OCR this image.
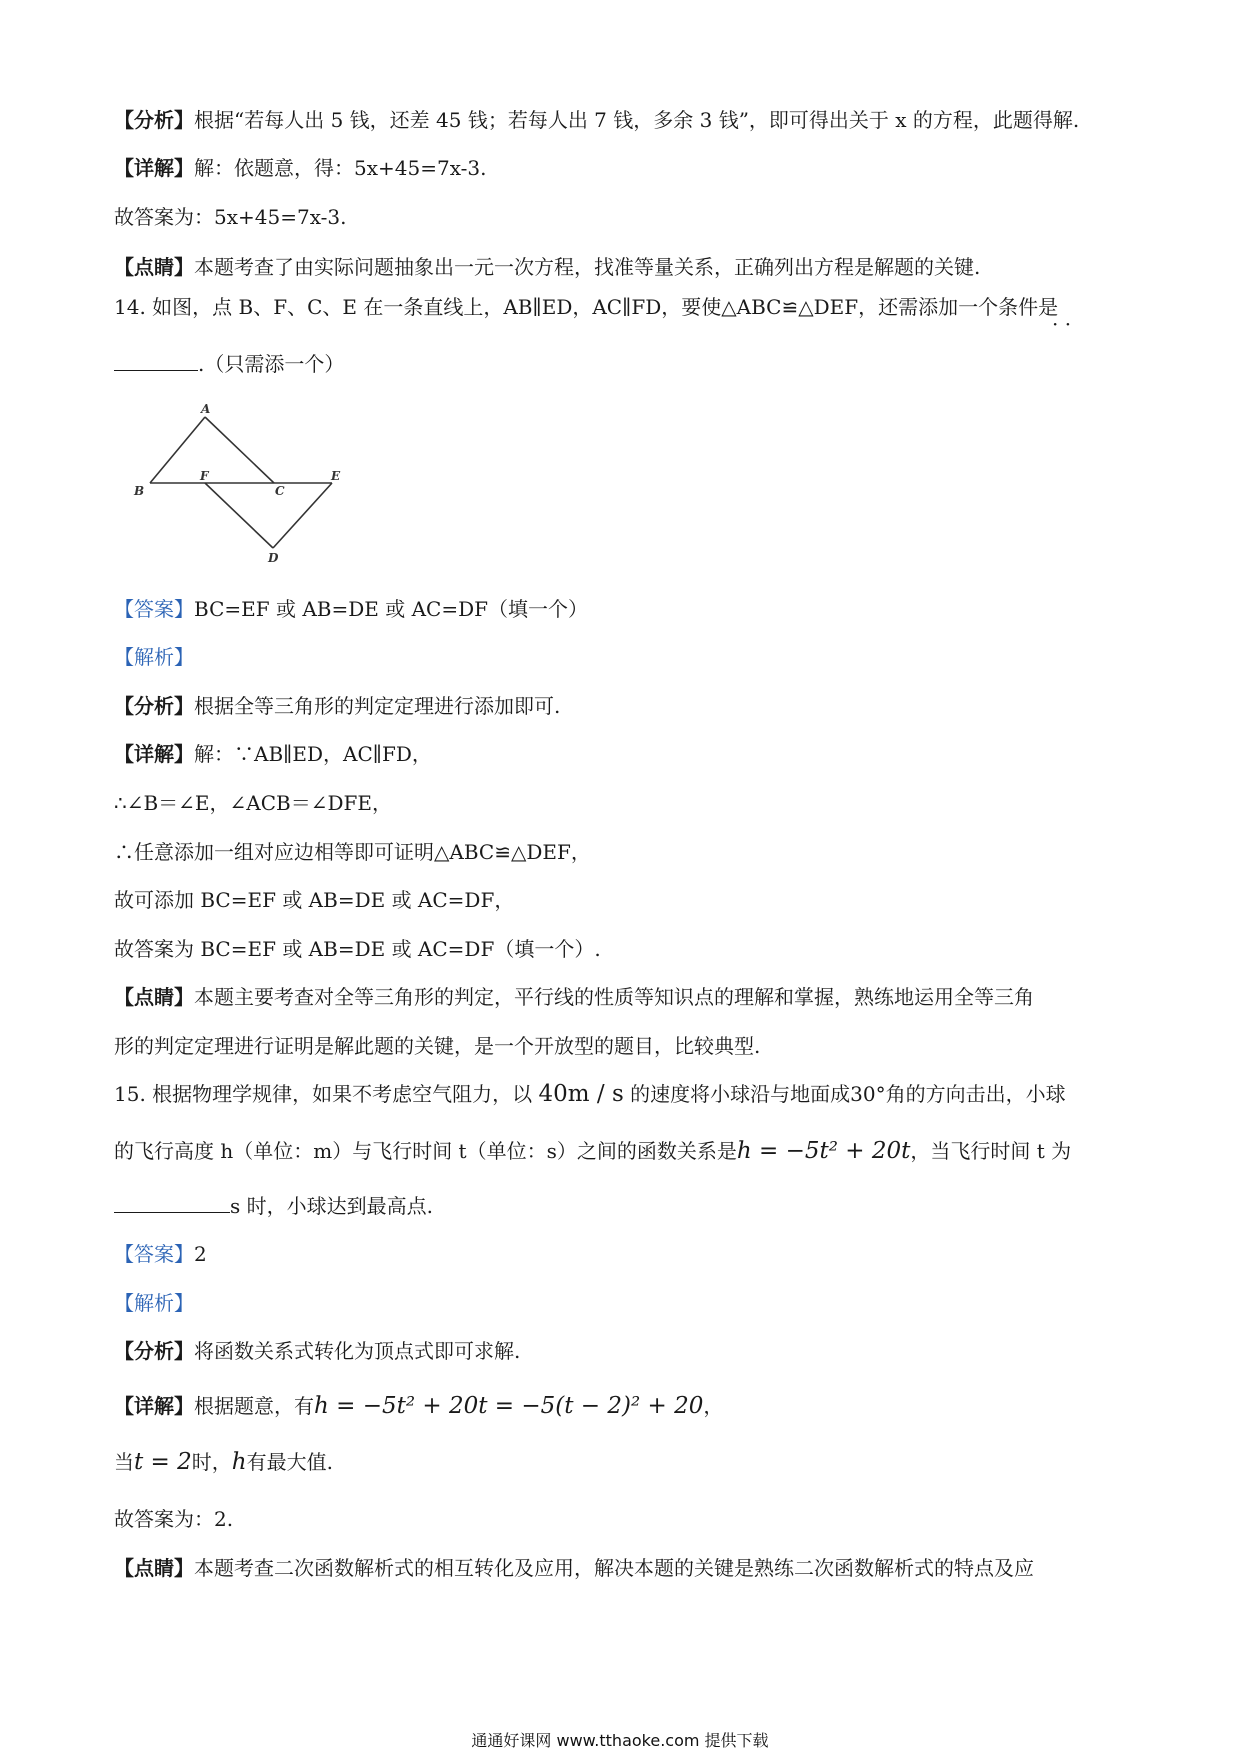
【分析】根据“若每人出 5 钱，还差 45 钱；若每人出 7 钱，多余 3 钱”，即可得出关于 x 的方程，此题得解.
【详解】解：依题意，得：5x+45=7x-3.
故答案为：5x+45=7x-3.
【点睛】本题考查了由实际问题抽象出一元一次方程，找准等量关系，正确列出方程是解题的关键.
14. 如图，点 B、F、C、E 在一条直线上，AB∥ED，AC∥FD，要使△ABC≌△DEF，还需添加一个条件是
· ·
.（只需添一个）
A
B
F
C
E
D
【答案】BC=EF 或 AB=DE 或 AC=DF（填一个）
【解析】
【分析】根据全等三角形的判定定理进行添加即可.
【详解】解：∵AB∥ED，AC∥FD，
∴∠B＝∠E，∠ACB＝∠DFE，
∴任意添加一组对应边相等即可证明△ABC≌△DEF，
故可添加 BC=EF 或 AB=DE 或 AC=DF，
故答案为 BC=EF 或 AB=DE 或 AC=DF（填一个）.
【点睛】本题主要考查对全等三角形的判定，平行线的性质等知识点的理解和掌握，熟练地运用全等三角
形的判定定理进行证明是解此题的关键，是一个开放型的题目，比较典型.
15. 根据物理学规律，如果不考虑空气阻力，以 40m / s 的速度将小球沿与地面成30°角的方向击出，小球
的飞行高度 h（单位：m）与飞行时间 t（单位：s）之间的函数关系是h = −5t² + 20t，当飞行时间 t 为
s 时，小球达到最高点.
【答案】2
【解析】
【分析】将函数关系式转化为顶点式即可求解.
【详解】根据题意，有h = −5t² + 20t = −5(t − 2)² + 20，
当t = 2时，h有最大值.
故答案为：2.
【点睛】本题考查二次函数解析式的相互转化及应用，解决本题的关键是熟练二次函数解析式的特点及应
通通好课网 www.tthaoke.com 提供下载
